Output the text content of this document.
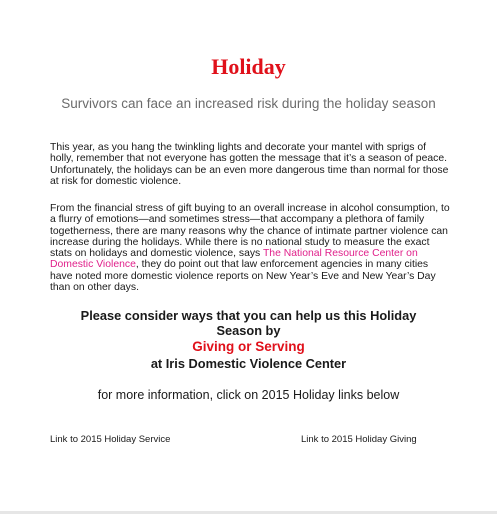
Holiday
Survivors can face an increased risk during the holiday season

This year, as you hang the twinkling lights and decorate your mantel with sprigs of holly, remember that not everyone has gotten the message that it’s a season of peace. Unfortunately, the holidays can be an even more dangerous time than normal for those at risk for domestic violence.

From the financial stress of gift buying to an overall increase in alcohol consumption, to a flurry of emotions—and sometimes stress—that accompany a plethora of family togetherness, there are many reasons why the chance of intimate partner violence can increase during the holidays. While there is no national study to measure the exact stats on holidays and domestic violence, says The National Resource Center on Domestic Violence, they do point out that law enforcement agencies in many cities have noted more domestic violence reports on New Year’s Eve and New Year’s Day than on other days.

Please consider ways that you can help us this Holiday
Season by
Giving or Serving
at Iris Domestic Violence Center
for more information, click on 2015 Holiday links below
Link to 2015 Holiday Service	Link to 2015 Holiday Giving
